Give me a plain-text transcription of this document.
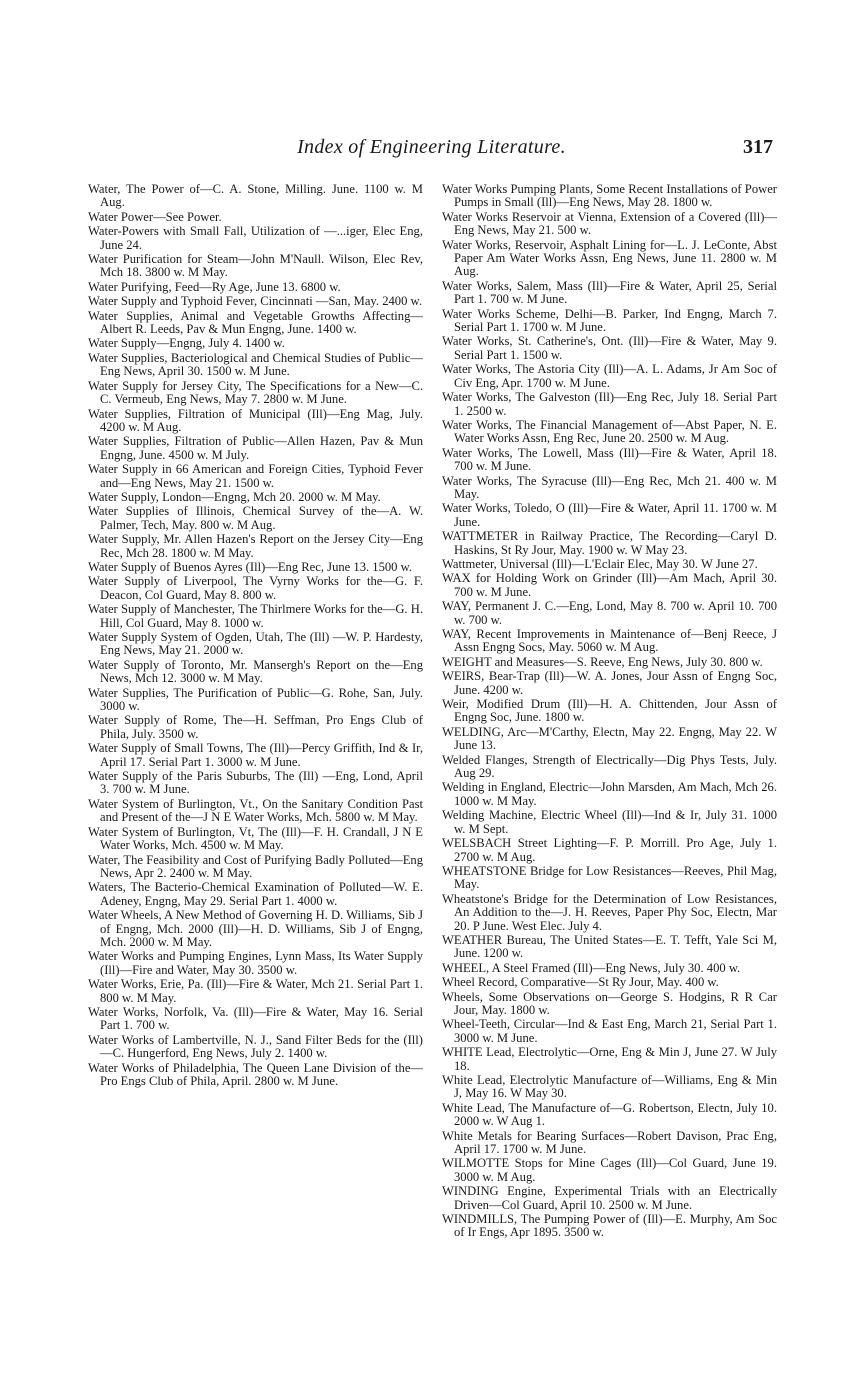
Index of Engineering Literature.	317

Water, The Power of—C. A. Stone, Milling. June. 1100 w. M Aug.

Water Power—See Power.

Water-Powers with Small Fall, Utilization of —...iger, Elec Eng, June 24.

Water Purification for Steam—John M'Naull. Wilson, Elec Rev, Mch 18. 3800 w. M May.

Water Purifying, Feed—Ry Age, June 13. 6800 w.

Water Supply and Typhoid Fever, Cincinnati —San, May. 2400 w.

Water Supplies, Animal and Vegetable Growths Affecting—Albert R. Leeds, Pav & Mun Engng, June. 1400 w.

Water Supply—Engng, July 4. 1400 w.

Water Supplies, Bacteriological and Chemical Studies of Public—Eng News, April 30. 1500 w. M June.

Water Supply for Jersey City, The Specifications for a New—C. C. Vermeub, Eng News, May 7. 2800 w. M June.

Water Supplies, Filtration of Municipal (Ill)—Eng Mag, July. 4200 w. M Aug.

Water Supplies, Filtration of Public—Allen Hazen, Pav & Mun Engng, June. 4500 w. M July.

Water Supply in 66 American and Foreign Cities, Typhoid Fever and—Eng News, May 21. 1500 w.

Water Supply, London—Engng, Mch 20. 2000 w. M May.

Water Supplies of Illinois, Chemical Survey of the—A. W. Palmer, Tech, May. 800 w. M Aug.

Water Supply, Mr. Allen Hazen's Report on the Jersey City—Eng Rec, Mch 28. 1800 w. M May.

Water Supply of Buenos Ayres (Ill)—Eng Rec, June 13. 1500 w.

Water Supply of Liverpool, The Vyrny Works for the—G. F. Deacon, Col Guard, May 8. 800 w.

Water Supply of Manchester, The Thirlmere Works for the—G. H. Hill, Col Guard, May 8. 1000 w.

Water Supply System of Ogden, Utah, The (Ill) —W. P. Hardesty, Eng News, May 21. 2000 w.

Water Supply of Toronto, Mr. Mansergh's Report on the—Eng News, Mch 12. 3000 w. M May.

Water Supplies, The Purification of Public—G. Rohe, San, July. 3000 w.

Water Supply of Rome, The—H. Seffman, Pro Engs Club of Phila, July. 3500 w.

Water Supply of Small Towns, The (Ill)—Percy Griffith, Ind & Ir, April 17. Serial Part 1. 3000 w. M June.

Water Supply of the Paris Suburbs, The (Ill) —Eng, Lond, April 3. 700 w. M June.

Water System of Burlington, Vt., On the Sanitary Condition Past and Present of the—J N E Water Works, Mch. 5800 w. M May.

Water System of Burlington, Vt, The (Ill)—F. H. Crandall, J N E Water Works, Mch. 4500 w. M May.

Water, The Feasibility and Cost of Purifying Badly Polluted—Eng News, Apr 2. 2400 w. M May.

Waters, The Bacterio-Chemical Examination of Polluted—W. E. Adeney, Engng, May 29. Serial Part 1. 4000 w.

Water Wheels, A New Method of Governing H. D. Williams, Sib J of Engng, Mch. 2000 (Ill)—H. D. Williams, Sib J of Engng, Mch. 2000 w. M May.

Water Works and Pumping Engines, Lynn Mass, Its Water Supply (Ill)—Fire and Water, May 30. 3500 w.

Water Works, Erie, Pa. (Ill)—Fire & Water, Mch 21. Serial Part 1. 800 w. M May.

Water Works, Norfolk, Va. (Ill)—Fire & Water, May 16. Serial Part 1. 700 w.

Water Works of Lambertville, N. J., Sand Filter Beds for the (Ill)—C. Hungerford, Eng News, July 2. 1400 w.

Water Works of Philadelphia, The Queen Lane Division of the—Pro Engs Club of Phila, April. 2800 w. M June.

Water Works Pumping Plants, Some Recent Installations of Power Pumps in Small (Ill)—Eng News, May 28. 1800 w.

Water Works Reservoir at Vienna, Extension of a Covered (Ill)—Eng News, May 21. 500 w.

Water Works, Reservoir, Asphalt Lining for—L. J. LeConte, Abst Paper Am Water Works Assn, Eng News, June 11. 2800 w. M Aug.

Water Works, Salem, Mass (Ill)—Fire & Water, April 25, Serial Part 1. 700 w. M June.

Water Works Scheme, Delhi—B. Parker, Ind Engng, March 7. Serial Part 1. 1700 w. M June.

Water Works, St. Catherine's, Ont. (Ill)—Fire & Water, May 9. Serial Part 1. 1500 w.

Water Works, The Astoria City (Ill)—A. L. Adams, Jr Am Soc of Civ Eng, Apr. 1700 w. M June.

Water Works, The Galveston (Ill)—Eng Rec, July 18. Serial Part 1. 2500 w.

Water Works, The Financial Management of—Abst Paper, N. E. Water Works Assn, Eng Rec, June 20. 2500 w. M Aug.

Water Works, The Lowell, Mass (Ill)—Fire & Water, April 18. 700 w. M June.

Water Works, The Syracuse (Ill)—Eng Rec, Mch 21. 400 w. M May.

Water Works, Toledo, O (Ill)—Fire & Water, April 11. 1700 w. M June.

WATTMETER in Railway Practice, The Recording—Caryl D. Haskins, St Ry Jour, May. 1900 w. W May 23.

Wattmeter, Universal (Ill)—L'Eclair Elec, May 30. W June 27.

WAX for Holding Work on Grinder (Ill)—Am Mach, April 30. 700 w. M June.

WAY, Permanent J. C.—Eng, Lond, May 8. 700 w. April 10. 700 w. 700 w.

WAY, Recent Improvements in Maintenance of—Benj Reece, J Assn Engng Socs, May. 5060 w. M Aug.

WEIGHT and Measures—S. Reeve, Eng News, July 30. 800 w.

WEIRS, Bear-Trap (Ill)—W. A. Jones, Jour Assn of Engng Soc, June. 4200 w.

Weir, Modified Drum (Ill)—H. A. Chittenden, Jour Assn of Engng Soc, June. 1800 w.

WELDING, Arc—M'Carthy, Electn, May 22. Engng, May 22. W June 13.

Welded Flanges, Strength of Electrically—Dig Phys Tests, July. Aug 29.

Welding in England, Electric—John Marsden, Am Mach, Mch 26. 1000 w. M May.

Welding Machine, Electric Wheel (Ill)—Ind & Ir, July 31. 1000 w. M Sept.

WELSBACH Street Lighting—F. P. Morrill. Pro Age, July 1. 2700 w. M Aug.

WHEATSTONE Bridge for Low Resistances—Reeves, Phil Mag, May.

Wheatstone's Bridge for the Determination of Low Resistances, An Addition to the—J. H. Reeves, Paper Phy Soc, Electn, Mar 20. P June. West Elec. July 4.

WEATHER Bureau, The United States—E. T. Tefft, Yale Sci M, June. 1200 w.

WHEEL, A Steel Framed (Ill)—Eng News, July 30. 400 w.

Wheel Record, Comparative—St Ry Jour, May. 400 w.

Wheels, Some Observations on—George S. Hodgins, R R Car Jour, May. 1800 w.

Wheel-Teeth, Circular—Ind & East Eng, March 21, Serial Part 1. 3000 w. M June.

WHITE Lead, Electrolytic—Orne, Eng & Min J, June 27. W July 18.

White Lead, Electrolytic Manufacture of—Williams, Eng & Min J, May 16. W May 30.

White Lead, The Manufacture of—G. Robertson, Electn, July 10. 2000 w. W Aug 1.

White Metals for Bearing Surfaces—Robert Davison, Prac Eng, April 17. 1700 w. M June.

WILMOTTE Stops for Mine Cages (Ill)—Col Guard, June 19. 3000 w. M Aug.

WINDING Engine, Experimental Trials with an Electrically Driven—Col Guard, April 10. 2500 w. M June.

WINDMILLS, The Pumping Power of (Ill)—E. Murphy, Am Soc of Ir Engs, Apr 1895. 3500 w.
